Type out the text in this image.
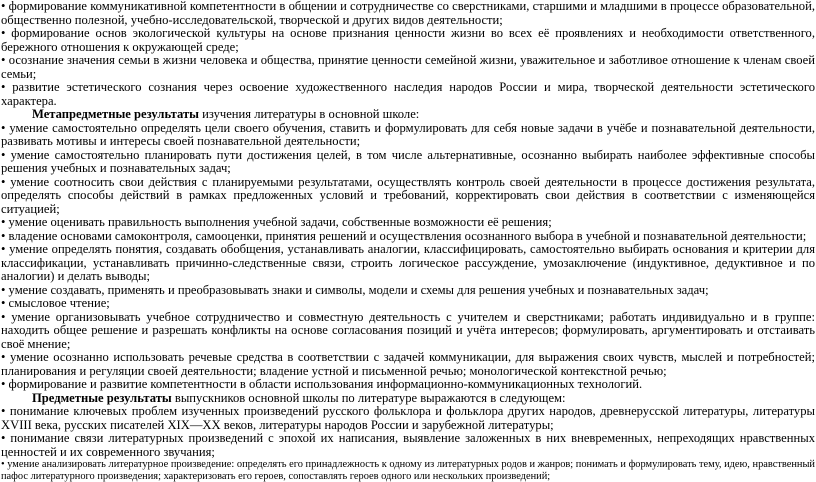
• формирование коммуникативной компетентности в общении и сотрудничестве со сверстниками, старшими и младшими в процессе образовательной, общественно полезной, учебно-исследовательской, творческой и других видов деятельности;

• формирование основ экологической культуры на основе признания ценности жизни во всех её проявлениях и необходимости ответственного, бережного отношения к окружающей среде;

• осознание значения семьи в жизни человека и общества, принятие ценности семейной жизни, уважительное и заботливое отношение к членам своей семьи;

• развитие эстетического сознания через освоение художественного наследия народов России и мира, творческой деятельности эстетического характера.

Метапредметные результаты изучения литературы в основной школе:

• умение самостоятельно определять цели своего обучения, ставить и формулировать для себя новые задачи в учёбе и познавательной деятельности, развивать мотивы и интересы своей познавательной деятельности;

• умение самостоятельно планировать пути достижения целей, в том числе альтернативные, осознанно выбирать наиболее эффективные способы решения учебных и познавательных задач;

• умение соотносить свои действия с планируемыми результатами, осуществлять контроль своей деятельности в процессе достижения результата, определять способы действий в рамках предложенных условий и требований, корректировать свои действия в соответствии с изменяющейся ситуацией;

• умение оценивать правильность выполнения учебной задачи, собственные возможности её решения;

• владение основами самоконтроля, самооценки, принятия решений и осуществления осознанного выбора в учебной и познавательной деятельности;

• умение определять понятия, создавать обобщения, устанавливать аналогии, классифицировать, самостоятельно выбирать основания и критерии для классификации, устанавливать причинно-следственные связи, строить логическое рассуждение, умозаключение (индуктивное, дедуктивное и по аналогии) и делать выводы;

• умение создавать, применять и преобразовывать знаки и символы, модели и схемы для решения учебных и познавательных задач;

• смысловое чтение;

• умение организовывать учебное сотрудничество и совместную деятельность с учителем и сверстниками; работать индивидуально и в группе: находить общее решение и разрешать конфликты на основе согласования позиций и учёта интересов; формулировать, аргументировать и отстаивать своё мнение;

• умение осознанно использовать речевые средства в соответствии с задачей коммуникации, для выражения своих чувств, мыслей и потребностей; планирования и регуляции своей деятельности; владение устной и письменной речью; монологической контекстной речью;

• формирование и развитие компетентности в области использования информационно-коммуникационных технологий.

Предметные результаты выпускников основной школы по литературе выражаются в следующем:

• понимание ключевых проблем изученных произведений русского фольклора и фольклора других народов, древнерусской литературы, литературы XVIII века, русских писателей XIX—XX веков, литературы народов России и зарубежной литературы;

• понимание связи литературных произведений с эпохой их написания, выявление заложенных в них вневременных, непреходящих нравственных ценностей и их современного звучания;

• умение анализировать литературное произведение: определять его принадлежность к одному из литературных родов и жанров; понимать и формулировать тему, идею, нравственный пафос литературного произведения; характеризовать его героев, сопоставлять героев одного или нескольких произведений;
